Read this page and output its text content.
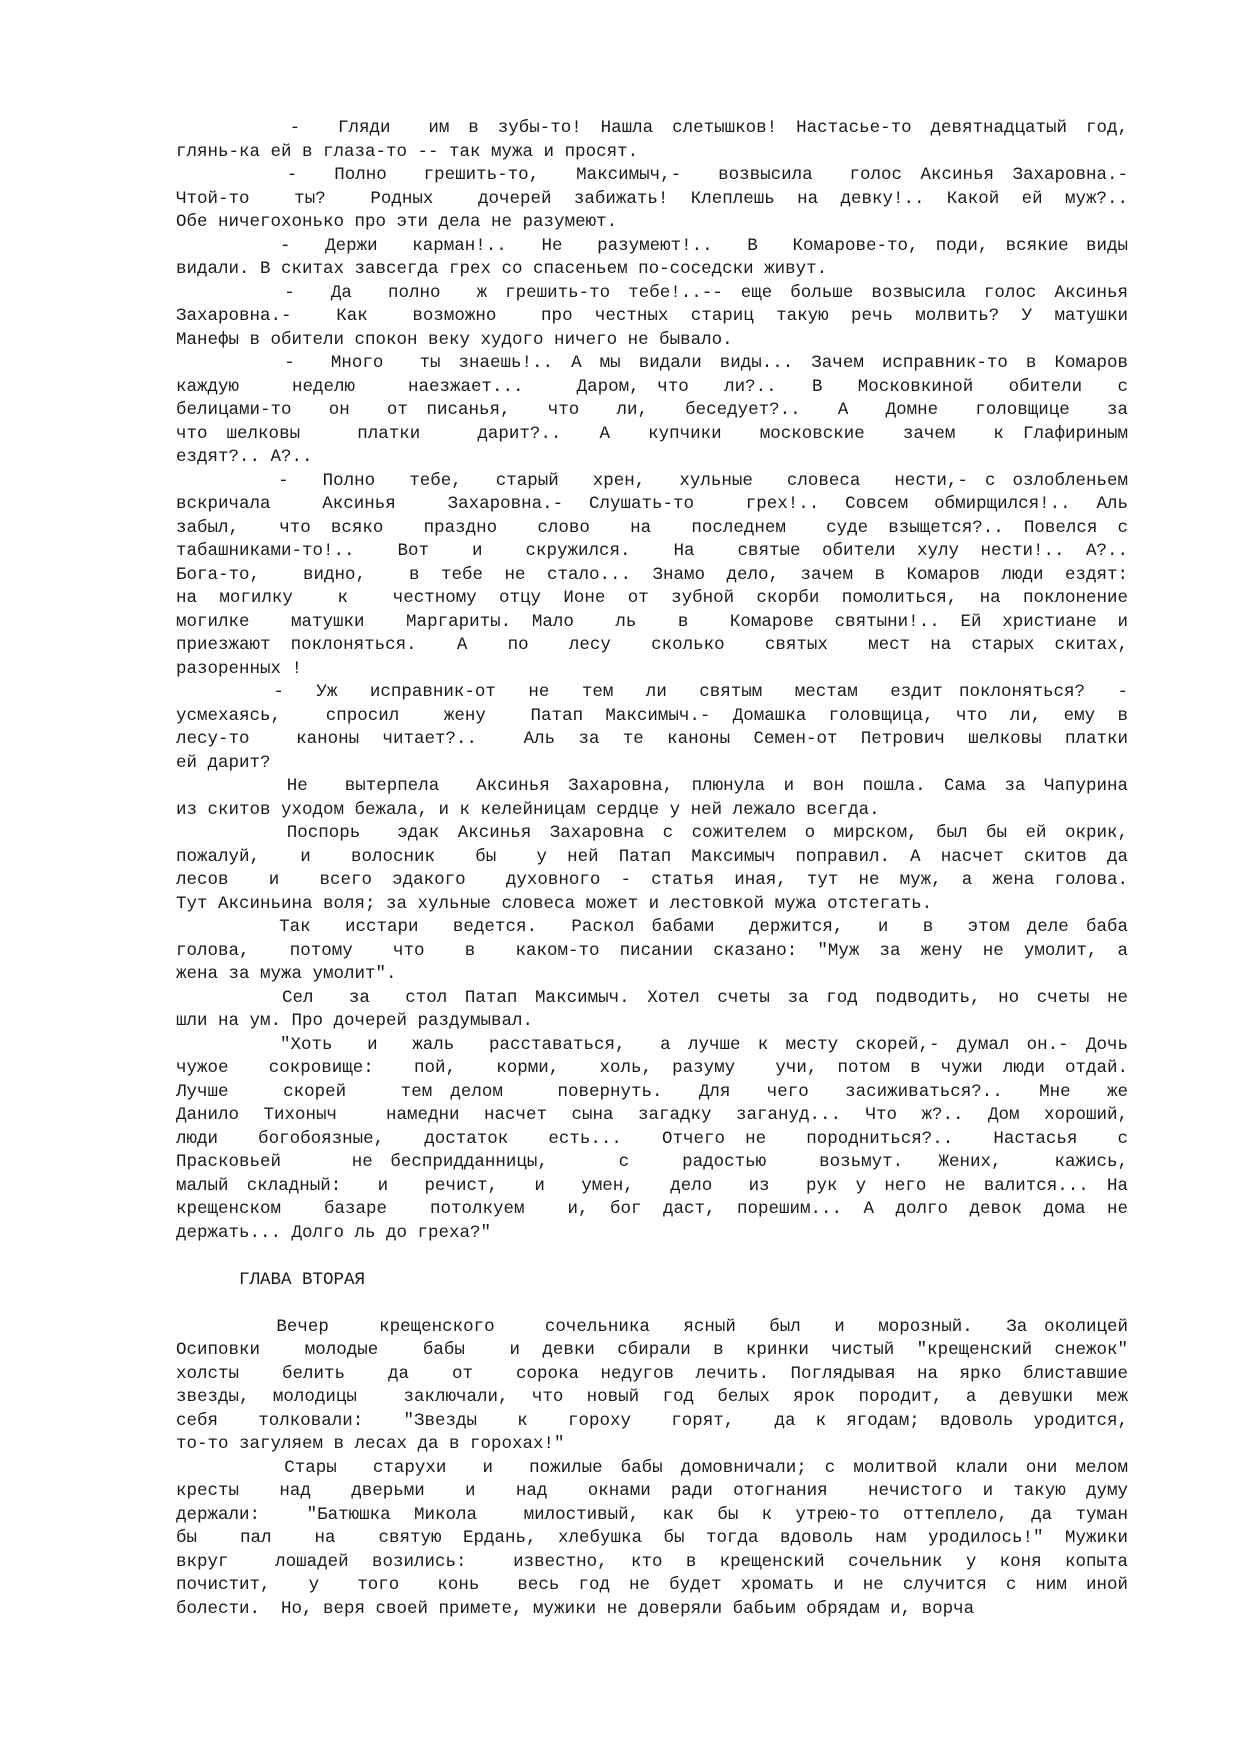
-  Гляди  им в зубы-то! Нашла слетышков! Настасье-то девятнадцатый год,
глянь-ка ей в глаза-то -- так мужа и просят.
-  Полно  грешить-то,  Максимыч,-  возвысила  голос Аксинья Захаровна.-
Чтой-то  ты?  Родных  дочерей забижать! Клеплешь на девку!.. Какой ей муж?..
Обе ничегохонько про эти дела не разумеют.
-  Держи  карман!..  Не  разумеют!..  В  Комарове-то, поди, всякие виды
видали. В скитах завсегда грех со спасеньем по-соседски живут.
-  Да  полно  ж грешить-то тебе!..-- еще больше возвысила голос Аксинья
Захаровна.-  Как  возможно  про честных стариц такую речь молвить? У матушки
Манефы в обители спокон веку худого ничего не бывало.
-  Много  ты знаешь!.. А мы видали виды... Зачем исправник-то в Комаров
каждую   неделю   наезжает...   Даром, что  ли?..  В  Московкиной  обители  с
белицами-то  он  от писанья,  что  ли,  беседует?..  А  Домне  головщице  за
что шелковы   платки   дарит?..  А  купчики  московские  зачем  к Глафириным
ездят?.. А?..
-  Полно  тебе,  старый  хрен,  хульные  словеса  нести,- с озлобленьем
вскричала  Аксинья  Захаровна.- Слушать-то  грех!.. Совсем обмирщился!.. Аль
забыл,  что всяко  праздно  слово  на  последнем  суде взыщется?.. Повелся с
табашниками-то!..  Вот  и  скружился.  На  святые обители хулу нести!.. А?..
Бога-то,  видно,  в тебе не стало... Знамо дело, зачем в Комаров люди ездят:
на могилку  к  честному отцу Ионе от зубной скорби помолиться, на поклонение
могилке  матушки  Маргариты. Мало  ль  в  Комарове святыни!.. Ей христиане и
приезжают поклоняться.  А  по  лесу  сколько  святых  мест на старых скитах,
разоренных !
-  Уж  исправник-от  не  тем  ли  святым  местам  ездит поклоняться?  -
усмехаясь,  спросил  жену  Патап Максимыч.- Домашка головщица, что ли, ему в
лесу-то  каноны читает?..  Аль за те каноны Семен-от Петрович шелковы платки
ей дарит?
Не  вытерпела  Аксинья Захаровна, плюнула и вон пошла. Сама за Чапурина
из скитов уходом бежала, и к келейницам сердце у ней лежало всегда.
Поспорь  эдак Аксинья Захаровна с сожителем о мирском, был бы ей окрик,
пожалуй,  и  волосник  бы  у ней Патап Максимыч поправил. А насчет скитов да
лесов  и  всего эдакого  духовного - статья иная, тут не муж, а жена голова.
Тут Аксиньина воля; за хульные словеса может и лестовкой мужа отстегать.
Так  исстари  ведется.  Раскол бабами  держится,  и  в  этом деле баба
голова,  потому  что  в  каком-то писании сказано: "Муж за жену не умолит, а
жена за мужа умолит".
Сел  за  стол Патап Максимыч. Хотел счеты за год подводить, но счеты не
шли на ум. Про дочерей раздумывал.
"Хоть  и  жаль  расставаться,  а лучше к месту скорей,- думал он.- Дочь
чужое  сокровище:  пой,  корми,  холь, разуму  учи, потом в чужи люди отдай.
Лучше   скорей   тем делом   повернуть.  Для  чего  засиживаться?..  Мне  же
Данило Тихоныч  намедни насчет сына загадку загануд... Что ж?.. Дом хороший,
люди  богобоязные,  достаток  есть...  Отчего не  породниться?..  Настасья  с
Прасковьей    не беспридданницы,    с   радостью   возьмут.  Жених,   кажись,
малый складный:  и  речист,  и  умен,  дело  из  рук у него не валится... На
крещенском  базаре  потолкуем  и, бог даст, порешим... А долго девок дома не
держать... Долго ль до греха?"
ГЛАВА ВТОРАЯ
Вечер   крещенского   сочельника  ясный  был  и  морозный.  За околицей
Осиповки  молодые  бабы  и девки сбирали в кринки чистый "крещенский снежок"
холсты  белить  да  от  сорока недугов лечить. Поглядывая на ярко блиставшие
звезды, молодицы  заключали, что новый год белых ярок породит, а девушки меж
себя  толковали:  "Звезды  к  гороху  горят,  да к ягодам; вдоволь уродится,
то-то загуляем в лесах да в горохах!"
Стары  старухи  и  пожилые бабы домовничали; с молитвой клали они мелом
кресты  над  дверьми  и  над  окнами ради отогнания  нечистого и такую думу
держали:  "Батюшка Микола  милостивый, как бы к утрею-то оттеплело, да туман
бы  пал  на  святую Ердань, хлебушка бы тогда вдоволь нам уродилось!" Мужики
вкруг  лошадей возились:  известно, кто в крещенский сочельник у коня копыта
почистит,  у  того  конь  весь год не будет хромать и не случится с ним иной
болести.  Но, веря своей примете, мужики не доверяли бабьим обрядам и, ворча
